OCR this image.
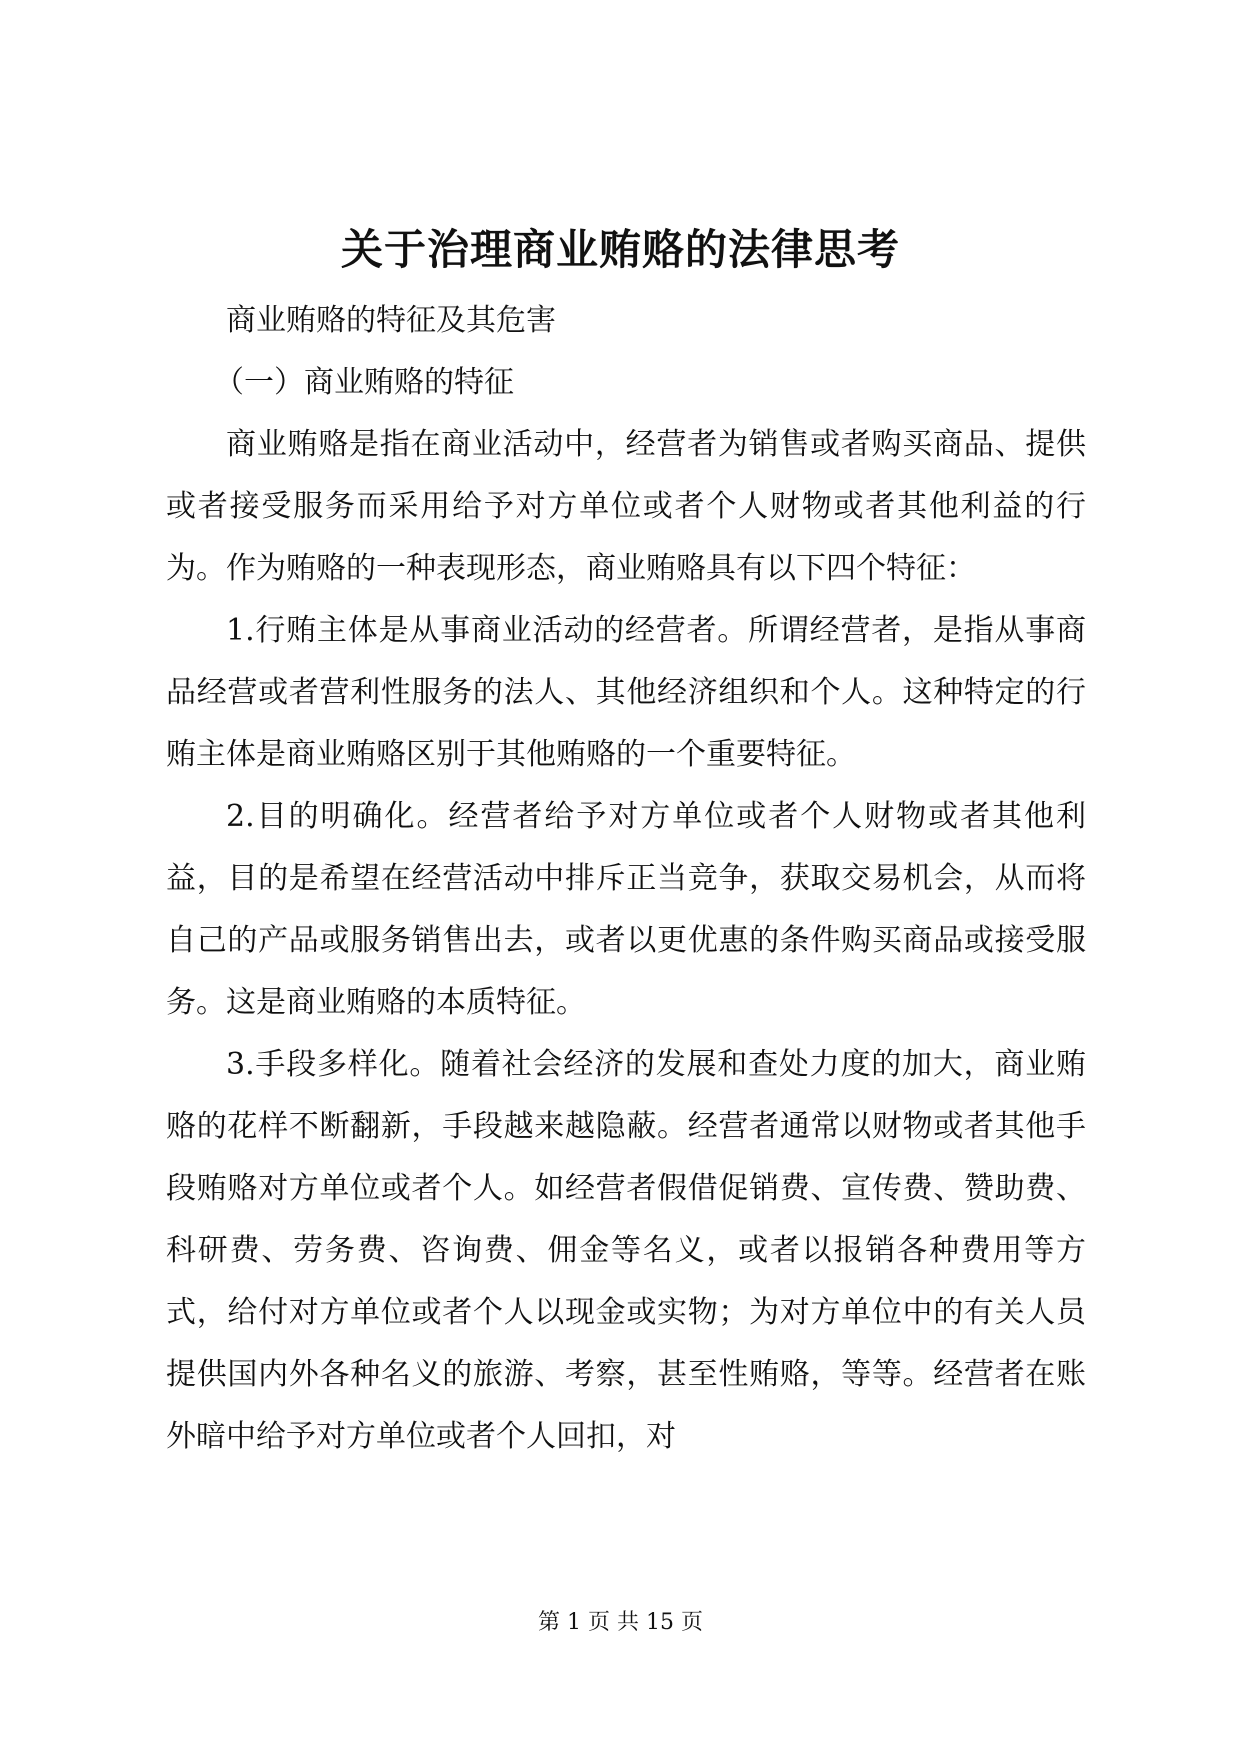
关于治理商业贿赂的法律思考

商业贿赂的特征及其危害

（一）商业贿赂的特征

商业贿赂是指在商业活动中，经营者为销售或者购买商品、提供或者接受服务而采用给予对方单位或者个人财物或者其他利益的行为。作为贿赂的一种表现形态，商业贿赂具有以下四个特征：

1.行贿主体是从事商业活动的经营者。所谓经营者，是指从事商品经营或者营利性服务的法人、其他经济组织和个人。这种特定的行贿主体是商业贿赂区别于其他贿赂的一个重要特征。

2.目的明确化。经营者给予对方单位或者个人财物或者其他利益，目的是希望在经营活动中排斥正当竞争，获取交易机会，从而将自己的产品或服务销售出去，或者以更优惠的条件购买商品或接受服务。这是商业贿赂的本质特征。

3.手段多样化。随着社会经济的发展和查处力度的加大，商业贿赂的花样不断翻新，手段越来越隐蔽。经营者通常以财物或者其他手段贿赂对方单位或者个人。如经营者假借促销费、宣传费、赞助费、科研费、劳务费、咨询费、佣金等名义，或者以报销各种费用等方式，给付对方单位或者个人以现金或实物；为对方单位中的有关人员提供国内外各种名义的旅游、考察，甚至性贿赂，等等。经营者在账外暗中给予对方单位或者个人回扣，对

第 1 页 共 15 页
